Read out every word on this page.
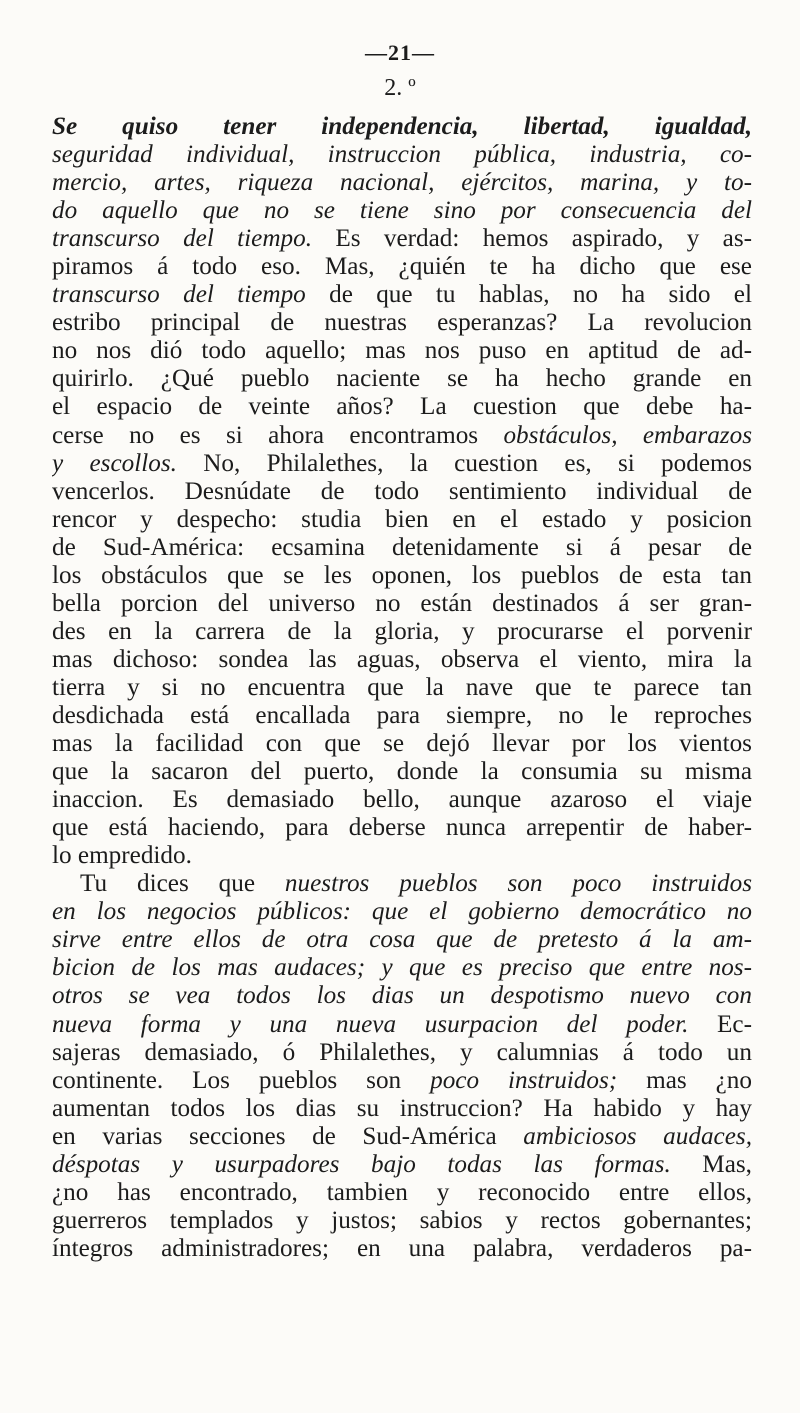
—21—
2. º
Se quiso tener independencia, libertad, igualdad,
seguridad individual, instruccion pública, industria, co-
mercio, artes, riqueza nacional, ejércitos, marina, y to-
do aquello que no se tiene sino por consecuencia del
transcurso del tiempo. Es verdad: hemos aspirado, y as-
piramos á todo eso. Mas, ¿quién te ha dicho que ese
transcurso del tiempo de que tu hablas, no ha sido el
estribo principal de nuestras esperanzas? La revolucion
no nos dió todo aquello; mas nos puso en aptitud de ad-
quirirlo. ¿Qué pueblo naciente se ha hecho grande en
el espacio de veinte años? La cuestion que debe ha-
cerse no es si ahora encontramos obstáculos, embarazos
y escollos. No, Philalethes, la cuestion es, si podemos
vencerlos. Desnúdate de todo sentimiento individual de
rencor y despecho: studia bien en el estado y posicion
de Sud-América: ecsamina detenidamente si á pesar de
los obstáculos que se les oponen, los pueblos de esta tan
bella porcion del universo no están destinados á ser gran-
des en la carrera de la gloria, y procurarse el porvenir
mas dichoso: sondea las aguas, observa el viento, mira la
tierra y si no encuentra que la nave que te parece tan
desdichada está encallada para siempre, no le reproches
mas la facilidad con que se dejó llevar por los vientos
que la sacaron del puerto, donde la consumia su misma
inaccion. Es demasiado bello, aunque azaroso el viaje
que está haciendo, para deberse nunca arrepentir de haber-
lo empredido.
Tu dices que nuestros pueblos son poco instruidos
en los negocios públicos: que el gobierno democrático no
sirve entre ellos de otra cosa que de pretesto á la am-
bicion de los mas audaces; y que es preciso que entre nos-
otros se vea todos los dias un despotismo nuevo con
nueva forma y una nueva usurpacion del poder. Ec-
sajeras demasiado, ó Philalethes, y calumnias á todo un
continente. Los pueblos son poco instruidos; mas ¿no
aumentan todos los dias su instruccion? Ha habido y hay
en varias secciones de Sud-América ambiciosos audaces,
déspotas y usurpadores bajo todas las formas. Mas,
¿no has encontrado, tambien y reconocido entre ellos,
guerreros templados y justos; sabios y rectos gobernantes;
íntegros administradores; en una palabra, verdaderos pa-
